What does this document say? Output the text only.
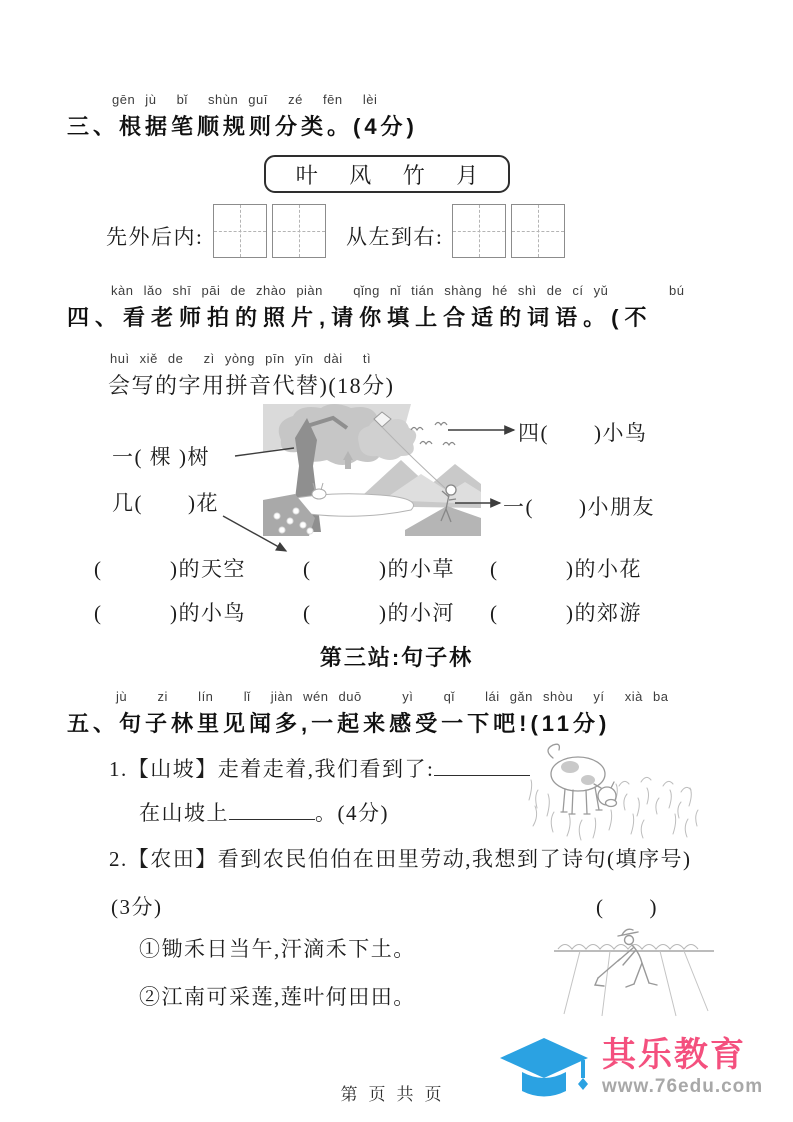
gēn jù  bǐ  shùn guī  zé  fēn  lèi
三、根据笔顺规则分类。(4分)
叶 风 竹 月
先外后内:	从左到右:
kàn lǎo shī pāi de zhào piàn   qǐng nǐ tián shàng hé shì de cí yǔ      bú
四、看老师拍的照片,请你填上合适的词语。(不
huì xiě de  zì yòng pīn yīn dài  tì
会写的字用拼音代替)(18分)
一( 棵 )树
几(　　)花
四(　　)小鸟
一(　　)小朋友
(　　　)的天空	(　　　)的小草 (　　　)的小花
(　　　)的小鸟	(　　　)的小河 (　　　)的郊游
第三站:句子林
jù   zi   lín   lǐ  jiàn wén duō    yì   qǐ   lái gǎn shòu  yí  xià ba
五、句子林里见闻多,一起来感受一下吧!(11分)
1.【山坡】走着走着,我们看到了:
在山坡上	。(4分)
2.【农田】看到农民伯伯在田里劳动,我想到了诗句(填序号)
(3分)	(　　)
①锄禾日当午,汗滴禾下土。
②江南可采莲,莲叶何田田。
第页共页
其乐教育
www.76edu.com
